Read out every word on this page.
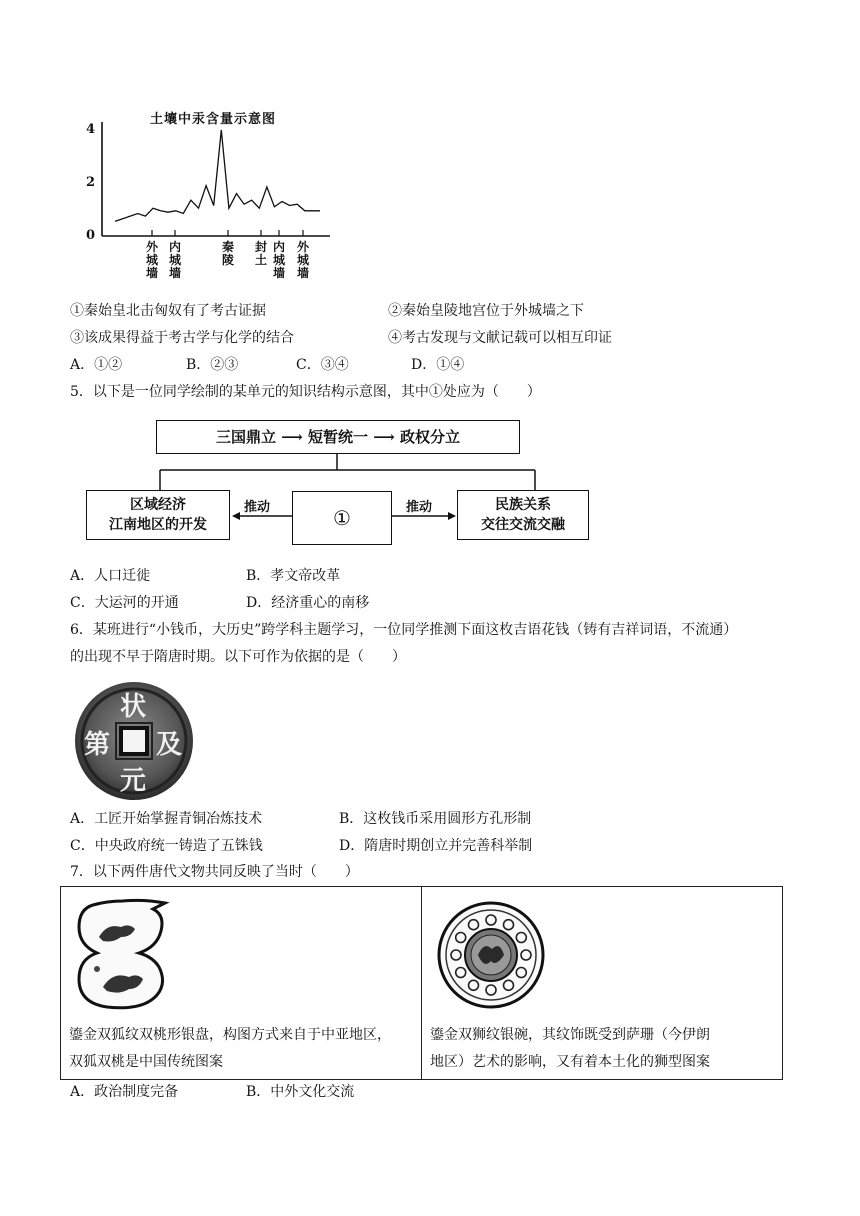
土壤中汞含量示意图
4
2
0
外城墙
内城墙
秦陵
封土
内城墙
外城墙
①秦始皇北击匈奴有了考古证据	②秦始皇陵地宫位于外城墙之下
③该成果得益于考古学与化学的结合	④考古发现与文献记载可以相互印证
A．①②	B．②③	C．③④	D．①④
5．以下是一位同学绘制的某单元的知识结构示意图，其中①处应为（　　）
三国鼎立 ⟶ 短暂统一 ⟶ 政权分立
区域经济
江南地区的开发	①
民族关系
交往交流交融
推动	推动
A．人口迁徙	B．孝文帝改革
C．大运河的开通	D．经济重心的南移
6．某班进行“小钱币，大历史”跨学科主题学习，一位同学推测下面这枚吉语花钱（铸有吉祥词语，不流通）
的出现不早于隋唐时期。以下可作为依据的是（　　）
状
元
第 及
A．工匠开始掌握青铜冶炼技术	B．这枚钱币采用圆形方孔形制
C．中央政府统一铸造了五铢钱	D．隋唐时期创立并完善科举制
7．以下两件唐代文物共同反映了当时（　　）
鎏金双狐纹双桃形银盘，构图方式来自于中亚地区，
双狐双桃是中国传统图案
鎏金双狮纹银碗，其纹饰既受到萨珊（今伊朗
地区）艺术的影响，又有着本土化的狮型图案
A．政治制度完备	B．中外文化交流
